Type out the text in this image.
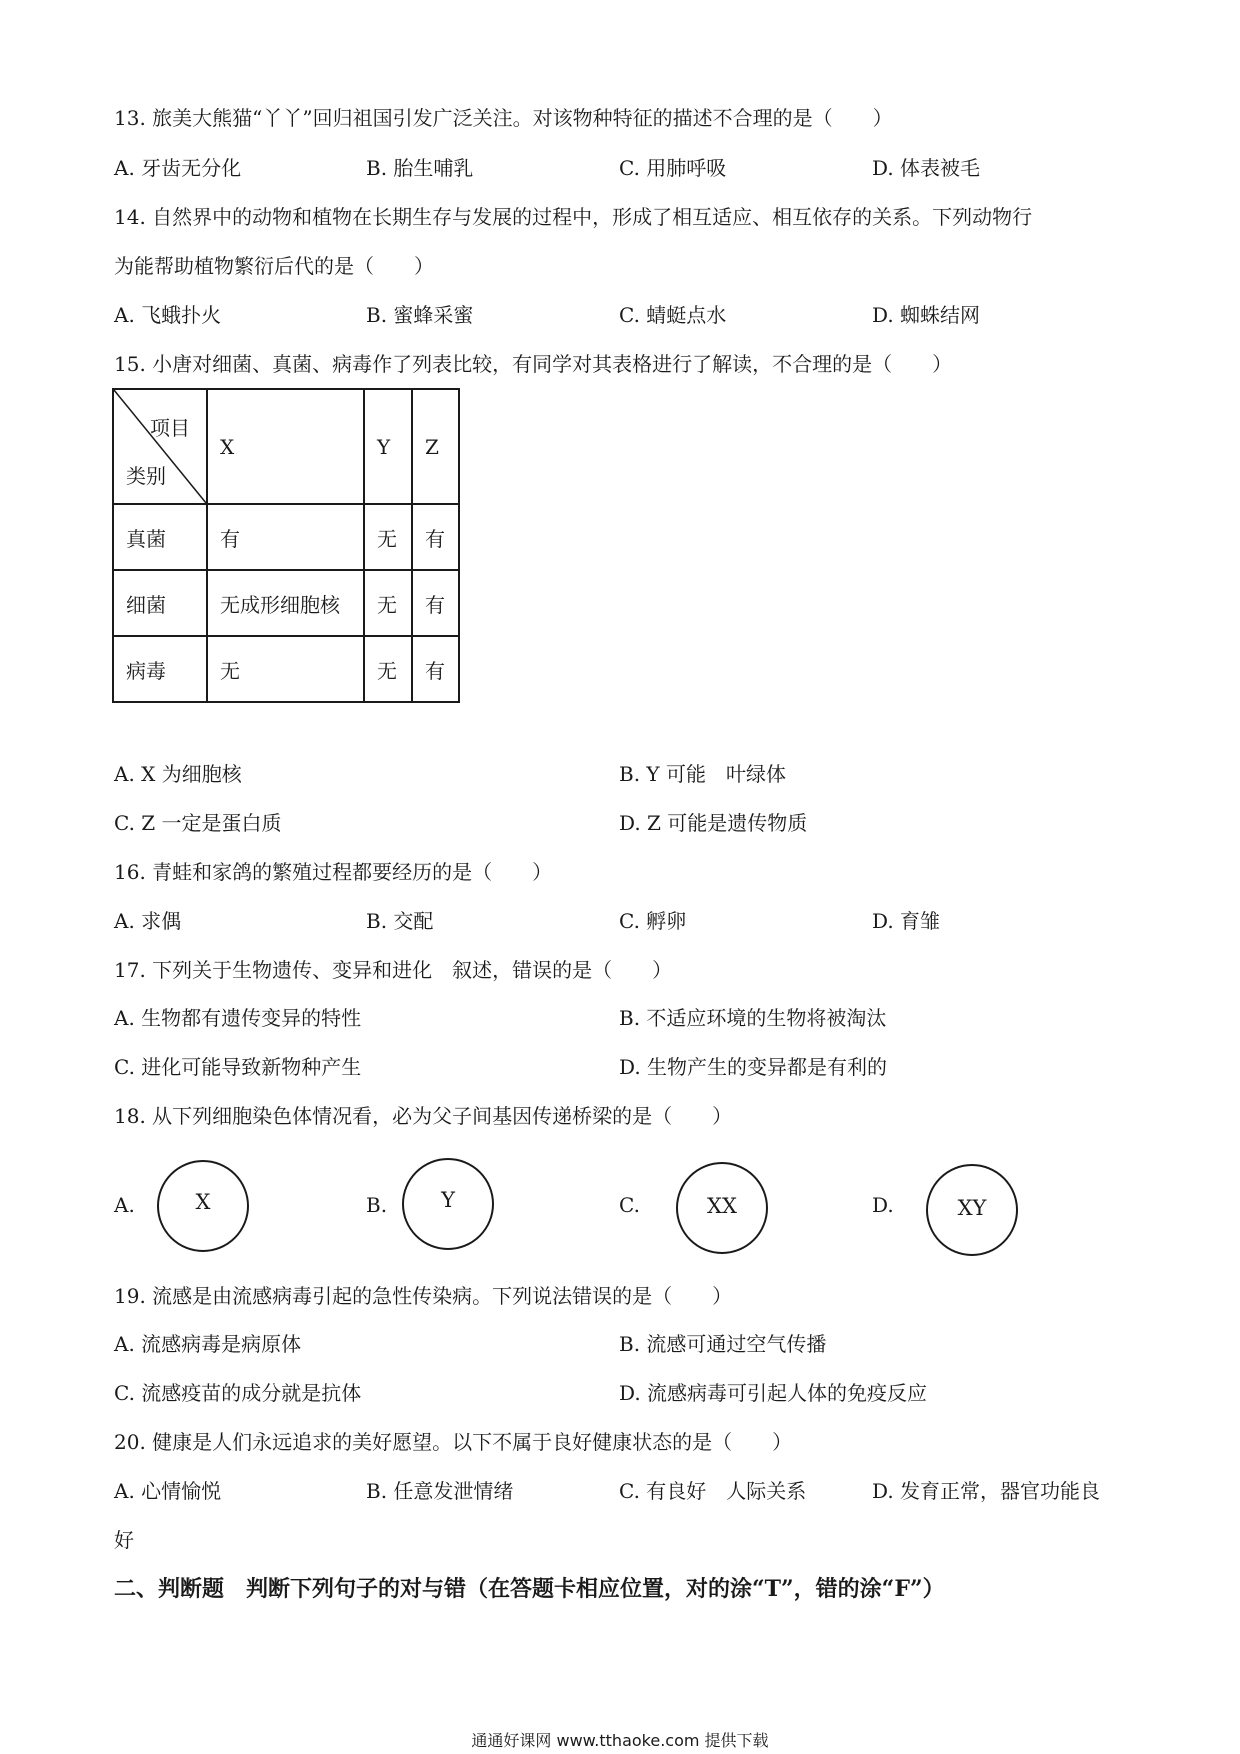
13. 旅美大熊猫“丫丫”回归祖国引发广泛关注。对该物种特征的描述不合理的是（　　）
A. 牙齿无分化	B. 胎生哺乳	C. 用肺呼吸	D. 体表被毛
14. 自然界中的动物和植物在长期生存与发展的过程中，形成了相互适应、相互依存的关系。下列动物行
为能帮助植物繁衍后代的是（　　）
A. 飞蛾扑火	B. 蜜蜂采蜜	C. 蜻蜓点水	D. 蜘蛛结网
15. 小唐对细菌、真菌、病毒作了列表比较，有同学对其表格进行了解读，不合理的是（　　）
项目
类别	X	Y	Z
真菌	有	无	有
细菌	无成形细胞核	无	有
病毒	无	无	有
A. X 为细胞核	B. Y 可能　叶绿体
C. Z 一定是蛋白质	D. Z 可能是遗传物质
16. 青蛙和家鸽的繁殖过程都要经历的是（　　）
A. 求偶	B. 交配	C. 孵卵	D. 育雏
17. 下列关于生物遗传、变异和进化　叙述，错误的是（　　）
A. 生物都有遗传变异的特性	B. 不适应环境的生物将被淘汰
C. 进化可能导致新物种产生	D. 生物产生的变异都是有利的
18. 从下列细胞染色体情况看，必为父子间基因传递桥梁的是（　　）
A.	X	B.	Y	C.	XX	D.	XY
19. 流感是由流感病毒引起的急性传染病。下列说法错误的是（　　）
A. 流感病毒是病原体	B. 流感可通过空气传播
C. 流感疫苗的成分就是抗体	D. 流感病毒可引起人体的免疫反应
20. 健康是人们永远追求的美好愿望。以下不属于良好健康状态的是（　　）
A. 心情愉悦	B. 任意发泄情绪	C. 有良好　人际关系	D. 发育正常，器官功能良
好
二、判断题　判断下列句子的对与错（在答题卡相应位置，对的涂“T”，错的涂“F”）
通通好课网 www.tthaoke.com 提供下载
